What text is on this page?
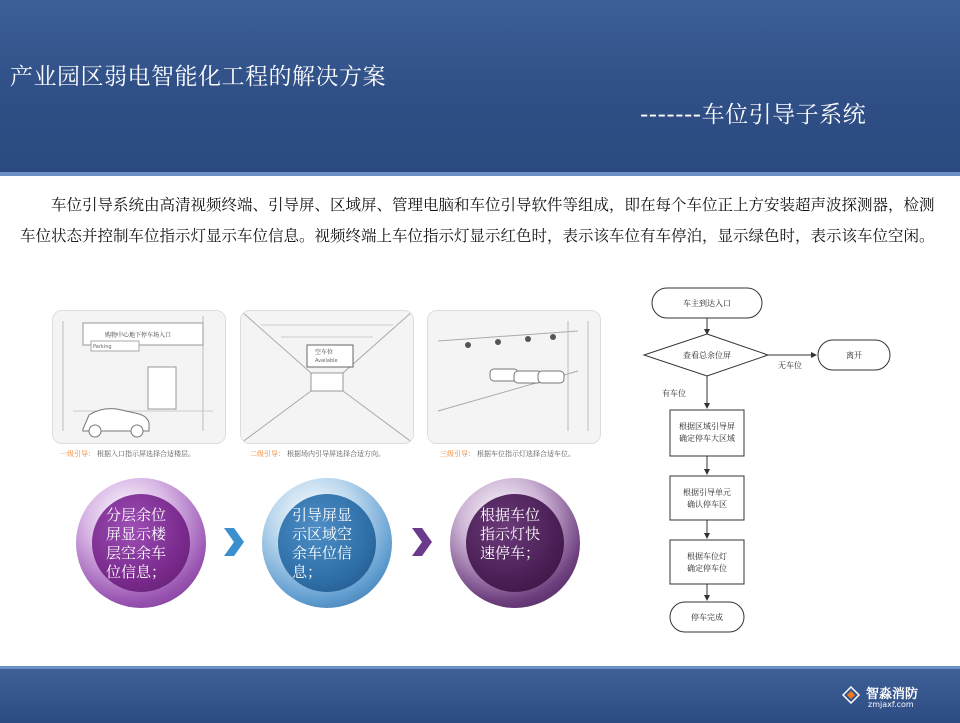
产业园区弱电智能化工程的解决方案
-------车位引导子系统
车位引导系统由高清视频终端、引导屏、区域屏、管理电脑和车位引导软件等组成，即在每个车位正上方安装超声波探测器，检测车位状态并控制车位指示灯显示车位信息。视频终端上车位指示灯显示红色时，表示该车位有车停泊，显示绿色时，表示该车位空闲。
购物中心地下停车场入口
Parking
一级引导： 根据入口指示屏选择合适楼层。
空车位
Available
二级引导： 根据场内引导屏选择合适方向。	三级引导： 根据车位指示灯选择合适车位。
分层余位屏显示楼层空余车位信息；
引导屏显示区域空余车位信息；
根据车位指示灯快速停车；
车主到达入口
查看总余位屏
无车位
离开
有车位
根据区域引导屏
确定停车大区域
根据引导单元
确认停车区
根据车位灯
确定停车位
停车完成
智淼消防
zmjaxf.com
